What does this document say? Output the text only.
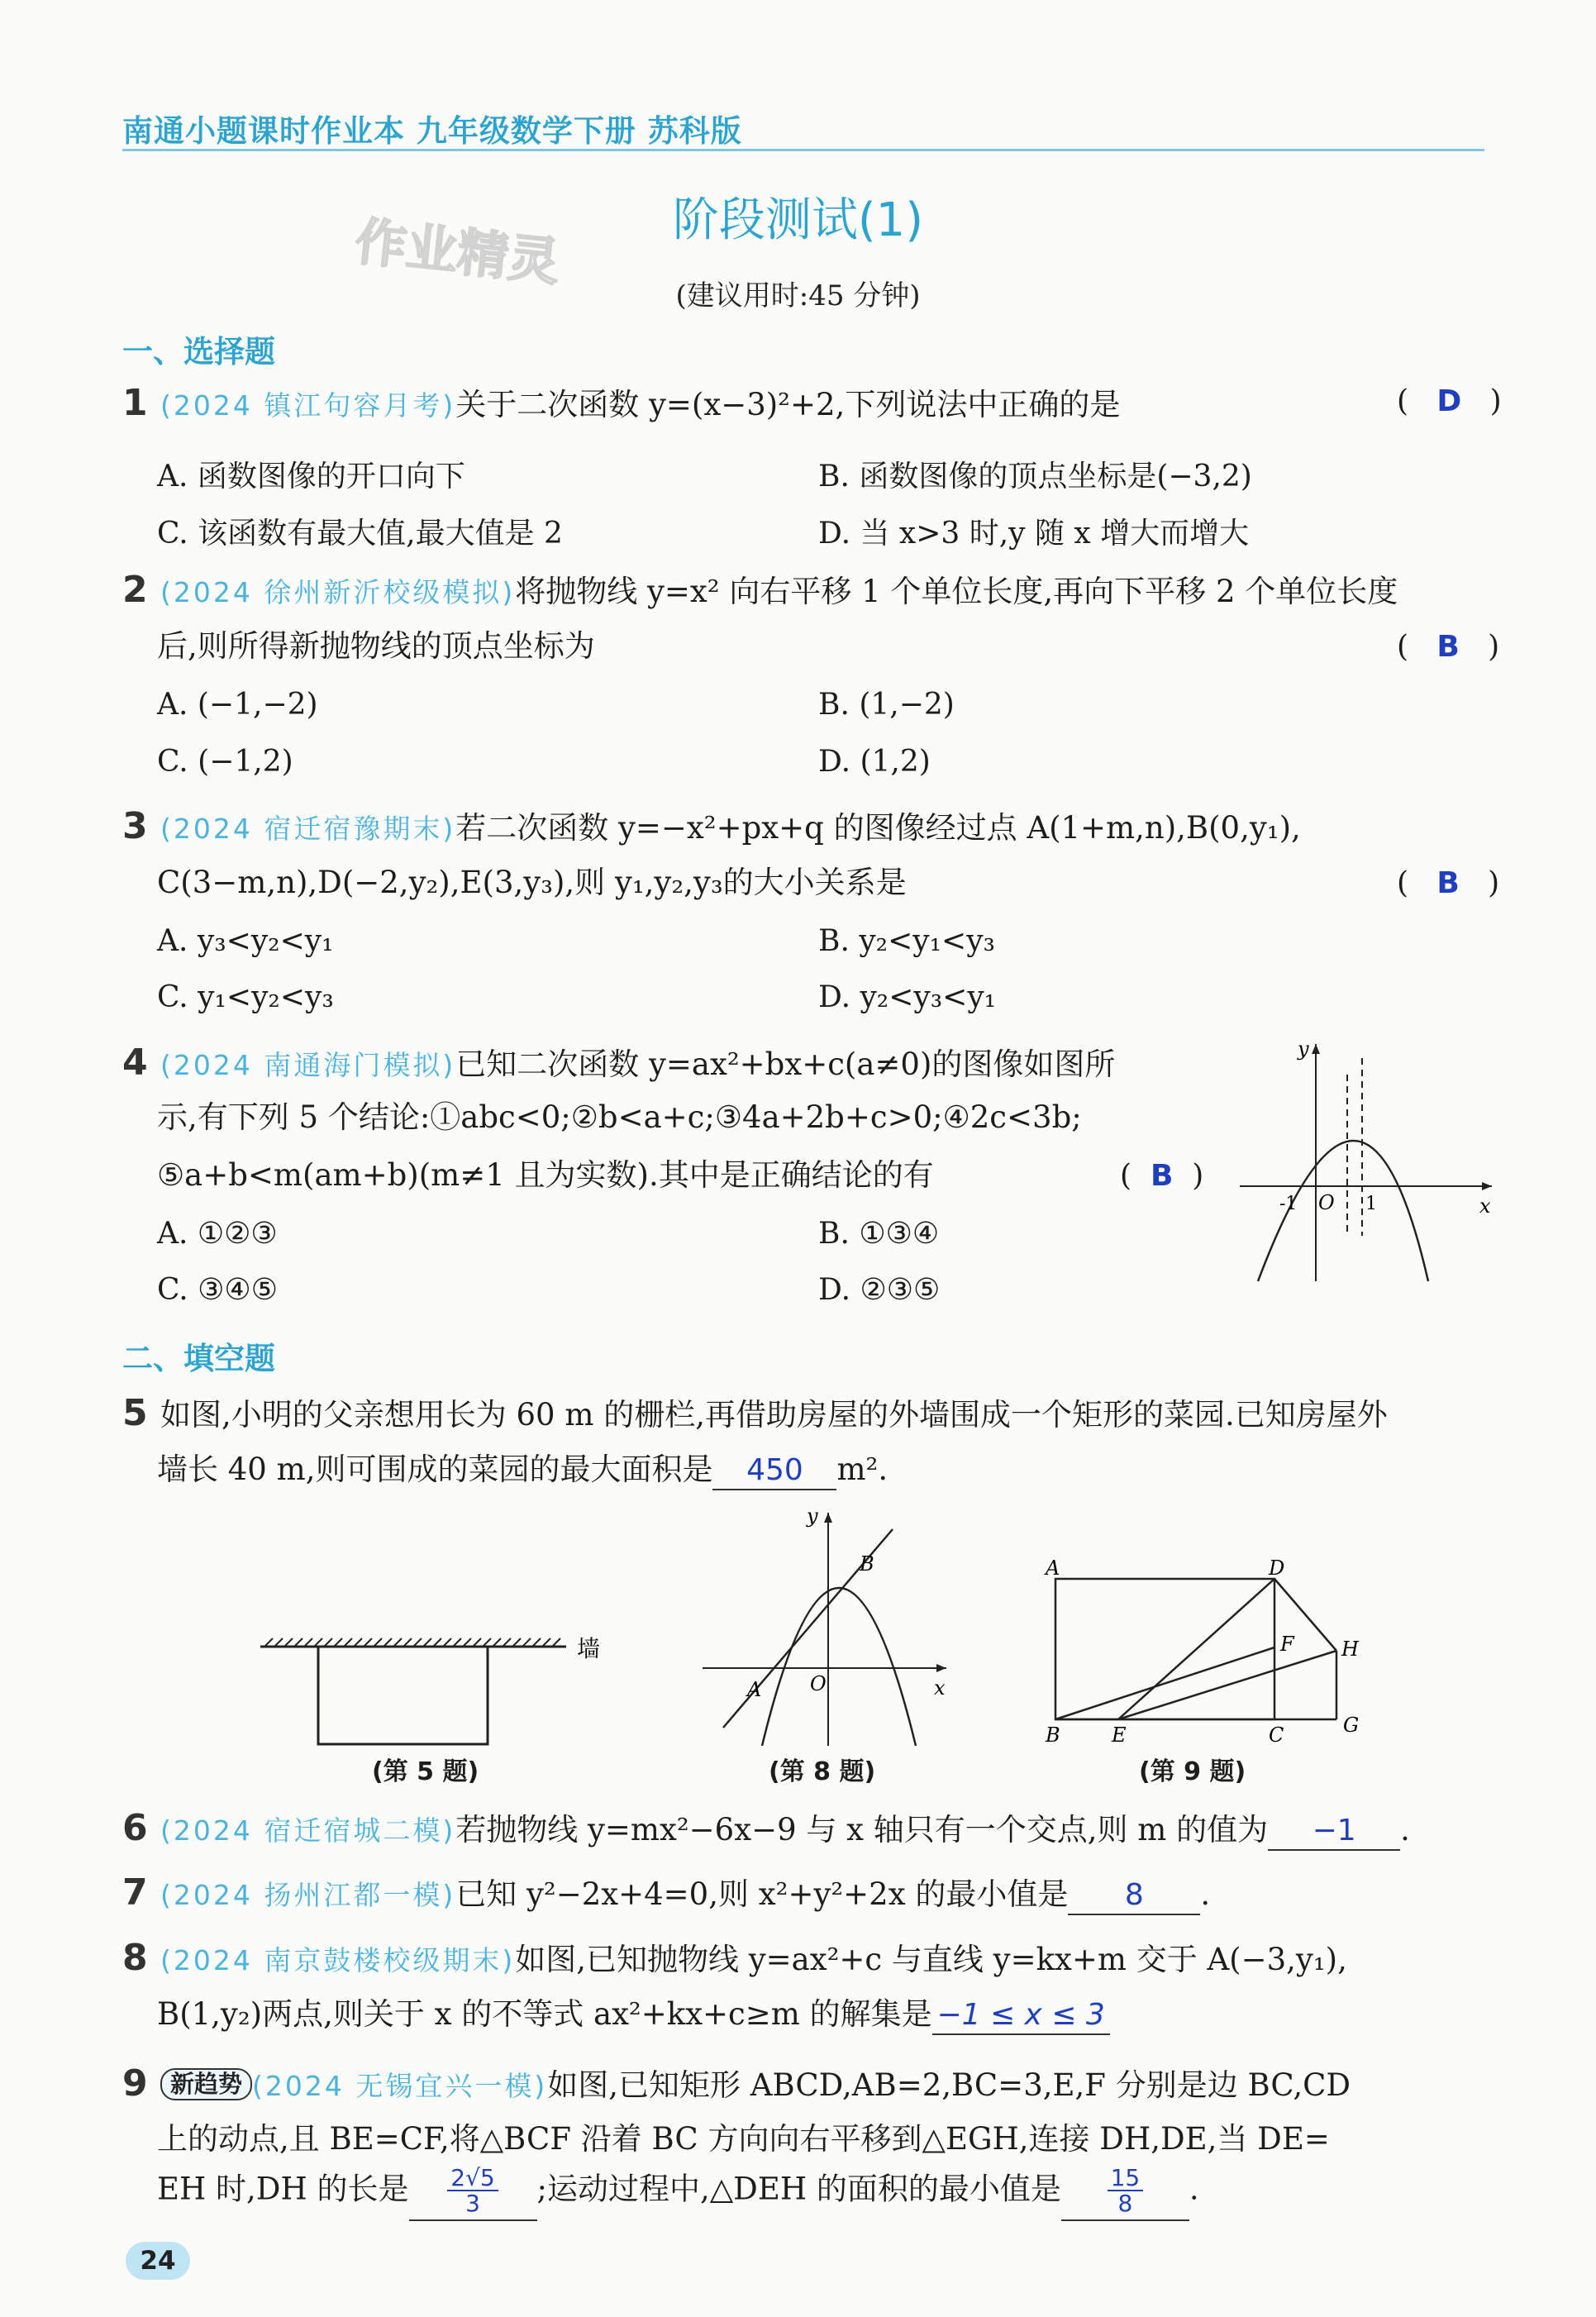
南通小题课时作业本 九年级数学下册 苏科版
阶段测试(1)
作业精灵
(建议用时:45 分钟)
一、选择题
1 (2024 镇江句容月考)关于二次函数 y=(x−3)²+2,下列说法中正确的是	(   D   )
A. 函数图像的开口向下	B. 函数图像的顶点坐标是(−3,2)
C. 该函数有最大值,最大值是 2	D. 当 x>3 时,y 随 x 增大而增大
2 (2024 徐州新沂校级模拟)将抛物线 y=x² 向右平移 1 个单位长度,再向下平移 2 个单位长度
后,则所得新抛物线的顶点坐标为	(   B   )
A. (−1,−2)	B. (1,−2)
C. (−1,2)	D. (1,2)
3 (2024 宿迁宿豫期末)若二次函数 y=−x²+px+q 的图像经过点 A(1+m,n),B(0,y₁),
C(3−m,n),D(−2,y₂),E(3,y₃),则 y₁,y₂,y₃的大小关系是	(   B   )
A. y₃<y₂<y₁	B. y₂<y₁<y₃
C. y₁<y₂<y₃	D. y₂<y₃<y₁
4 (2024 南通海门模拟)已知二次函数 y=ax²+bx+c(a≠0)的图像如图所
示,有下列 5 个结论:①abc<0;②b<a+c;③4a+2b+c>0;④2c<3b;
⑤a+b<m(am+b)(m≠1 且为实数).其中是正确结论的有	(  B  )
A. ①②③	B. ①③④
C. ③④⑤	D. ②③⑤
y
x
O
-1	1
二、填空题
5 如图,小明的父亲想用长为 60 m 的栅栏,再借助房屋的外墙围成一个矩形的菜园.已知房屋外
墙长 40 m,则可围成的菜园的最大面积是 450 m².
墙
(第 5 题)
y
x
O
A
B
(第 8 题)
A
B	C
D
E
F
G
H
(第 9 题)
6 (2024 宿迁宿城二模)若抛物线 y=mx²−6x−9 与 x 轴只有一个交点,则 m 的值为 −1 .
7 (2024 扬州江都一模)已知 y²−2x+4=0,则 x²+y²+2x 的最小值是 8 .
8 (2024 南京鼓楼校级期末)如图,已知抛物线 y=ax²+c 与直线 y=kx+m 交于 A(−3,y₁),
B(1,y₂)两点,则关于 x 的不等式 ax²+kx+c≥m 的解集是 −1 ≤ x ≤ 3
9 新趋势 (2024 无锡宜兴一模)如图,已知矩形 ABCD,AB=2,BC=3,E,F 分别是边 BC,CD
上的动点,且 BE=CF,将△BCF 沿着 BC 方向向右平移到△EGH,连接 DH,DE,当 DE=
EH 时,DH 的长是 $\frac{2√5}{3}$ ;运动过程中,△DEH 的面积的最小值是 $\frac{15}{8}$ .
24
